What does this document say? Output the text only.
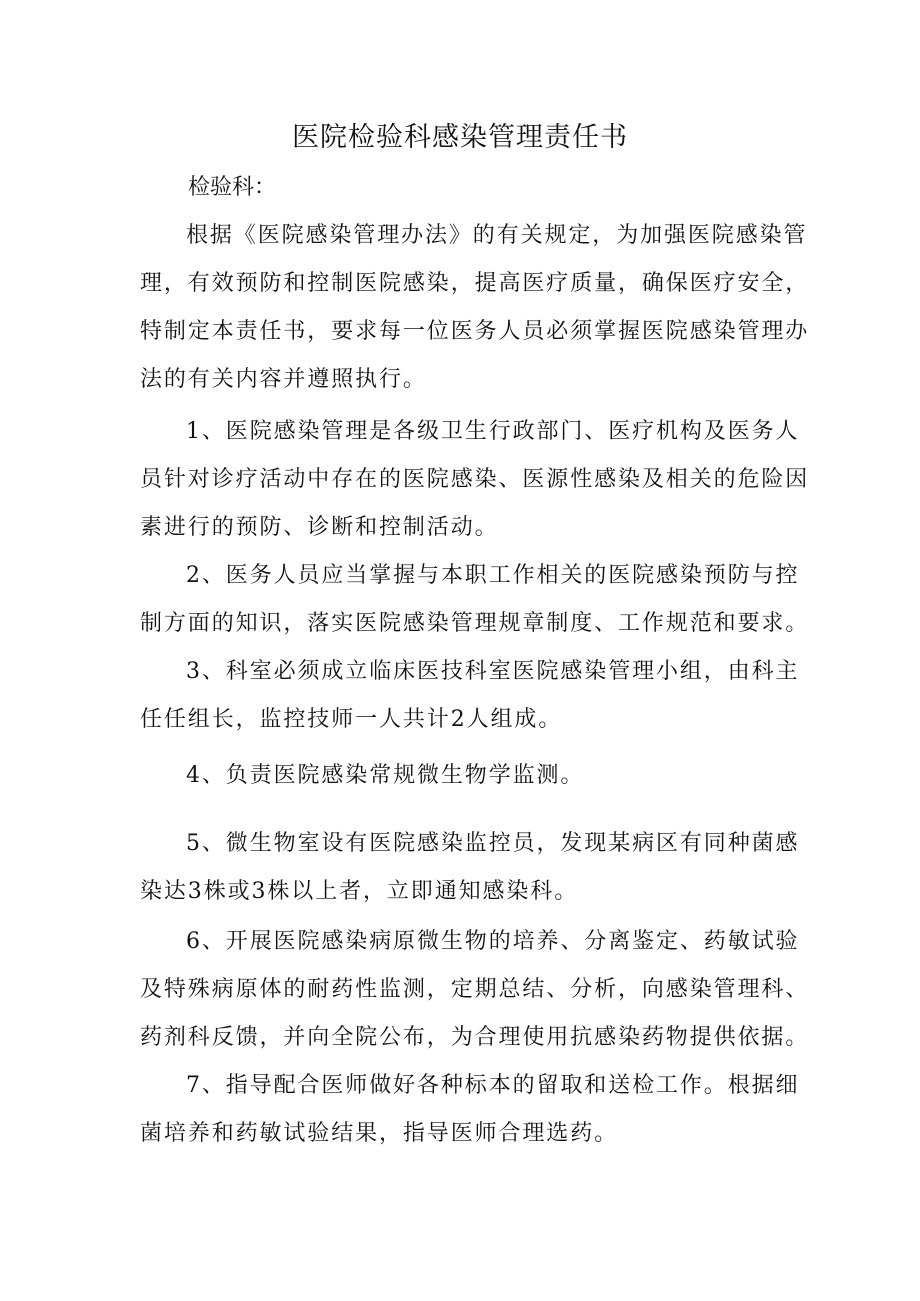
医院检验科感染管理责任书

检验科：

根据《医院感染管理办法》的有关规定，为加强医院感染管
理，有效预防和控制医院感染，提高医疗质量，确保医疗安全，
特制定本责任书，要求每一位医务人员必须掌握医院感染管理办
法的有关内容并遵照执行。
1、医院感染管理是各级卫生行政部门、医疗机构及医务人
员针对诊疗活动中存在的医院感染、医源性感染及相关的危险因
素进行的预防、诊断和控制活动。
2、医务人员应当掌握与本职工作相关的医院感染预防与控
制方面的知识，落实医院感染管理规章制度、工作规范和要求。
3、科室必须成立临床医技科室医院感染管理小组，由科主
任任组长，监控技师一人共计2人组成。
4、负责医院感染常规微生物学监测。
5、微生物室设有医院感染监控员，发现某病区有同种菌感
染达3株或3株以上者，立即通知感染科。
6、开展医院感染病原微生物的培养、分离鉴定、药敏试验
及特殊病原体的耐药性监测，定期总结、分析，向感染管理科、
药剂科反馈，并向全院公布，为合理使用抗感染药物提供依据。
7、指导配合医师做好各种标本的留取和送检工作。根据细
菌培养和药敏试验结果，指导医师合理选药。
